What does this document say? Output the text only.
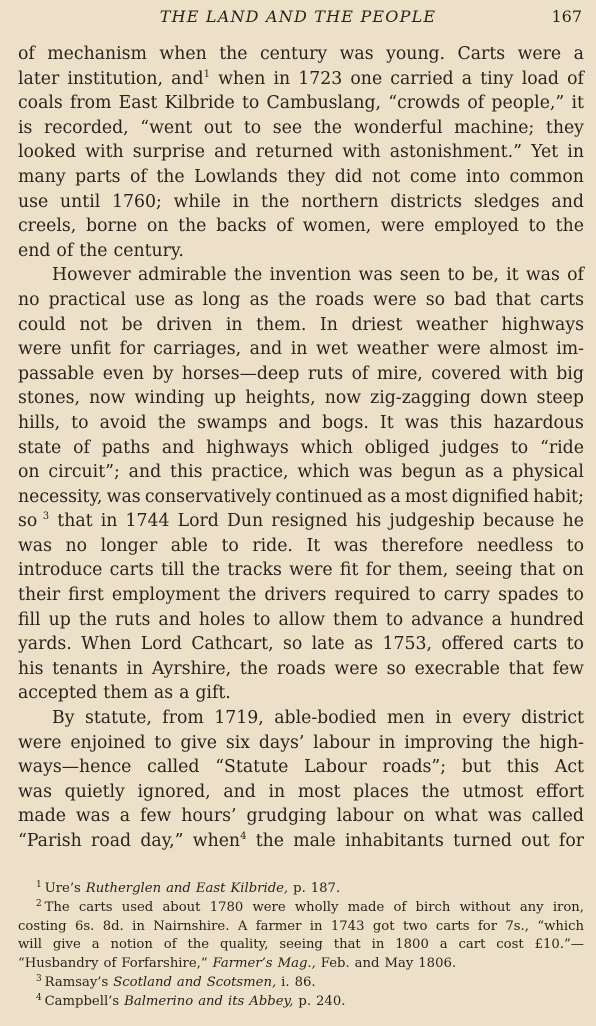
THE LAND AND THE PEOPLE	167
of mechanism when the century was young. Carts were a
later institution, and$^1$ when in 1723 one carried a tiny load of
coals from East Kilbride to Cambuslang, “crowds of people,” it
is recorded, “went out to see the wonderful machine; they
looked with surprise and returned with astonishment.” Yet in
many parts of the Lowlands they did not come into common
use until 1760; while in the northern districts sledges and
creels, borne on the backs of women, were employed to the
end of the century.
However admirable the invention was seen to be, it was of
no practical use as long as the roads were so bad that carts
could not be driven in them. In driest weather highways
were unfit for carriages, and in wet weather were almost im-
passable even by horses—deep ruts of mire, covered with big
stones, now winding up heights, now zig-zagging down steep
hills, to avoid the swamps and bogs. It was this hazardous
state of paths and highways which obliged judges to “ride
on circuit”; and this practice, which was begun as a physical
necessity, was conservatively continued as a most dignified habit;
so $^3$ that in 1744 Lord Dun resigned his judgeship because he
was no longer able to ride. It was therefore needless to
introduce carts till the tracks were fit for them, seeing that on
their first employment the drivers required to carry spades to
fill up the ruts and holes to allow them to advance a hundred
yards. When Lord Cathcart, so late as 1753, offered carts to
his tenants in Ayrshire, the roads were so execrable that few
accepted them as a gift.
By statute, from 1719, able-bodied men in every district
were enjoined to give six days’ labour in improving the high-
ways—hence called “Statute Labour roads”; but this Act
was quietly ignored, and in most places the utmost effort
made was a few hours’ grudging labour on what was called
“Parish road day,” when$^4$ the male inhabitants turned out for
$^1$ Ure’s Rutherglen and East Kilbride, p. 187.
$^2$ The carts used about 1780 were wholly made of birch without any iron,
costing 6s. 8d. in Nairnshire. A farmer in 1743 got two carts for 7s., “which
will give a notion of the quality, seeing that in 1800 a cart cost £10.”—
“Husbandry of Forfarshire,” Farmer’s Mag., Feb. and May 1806.
$^3$ Ramsay’s Scotland and Scotsmen, i. 86.
$^4$ Campbell’s Balmerino and its Abbey, p. 240.
